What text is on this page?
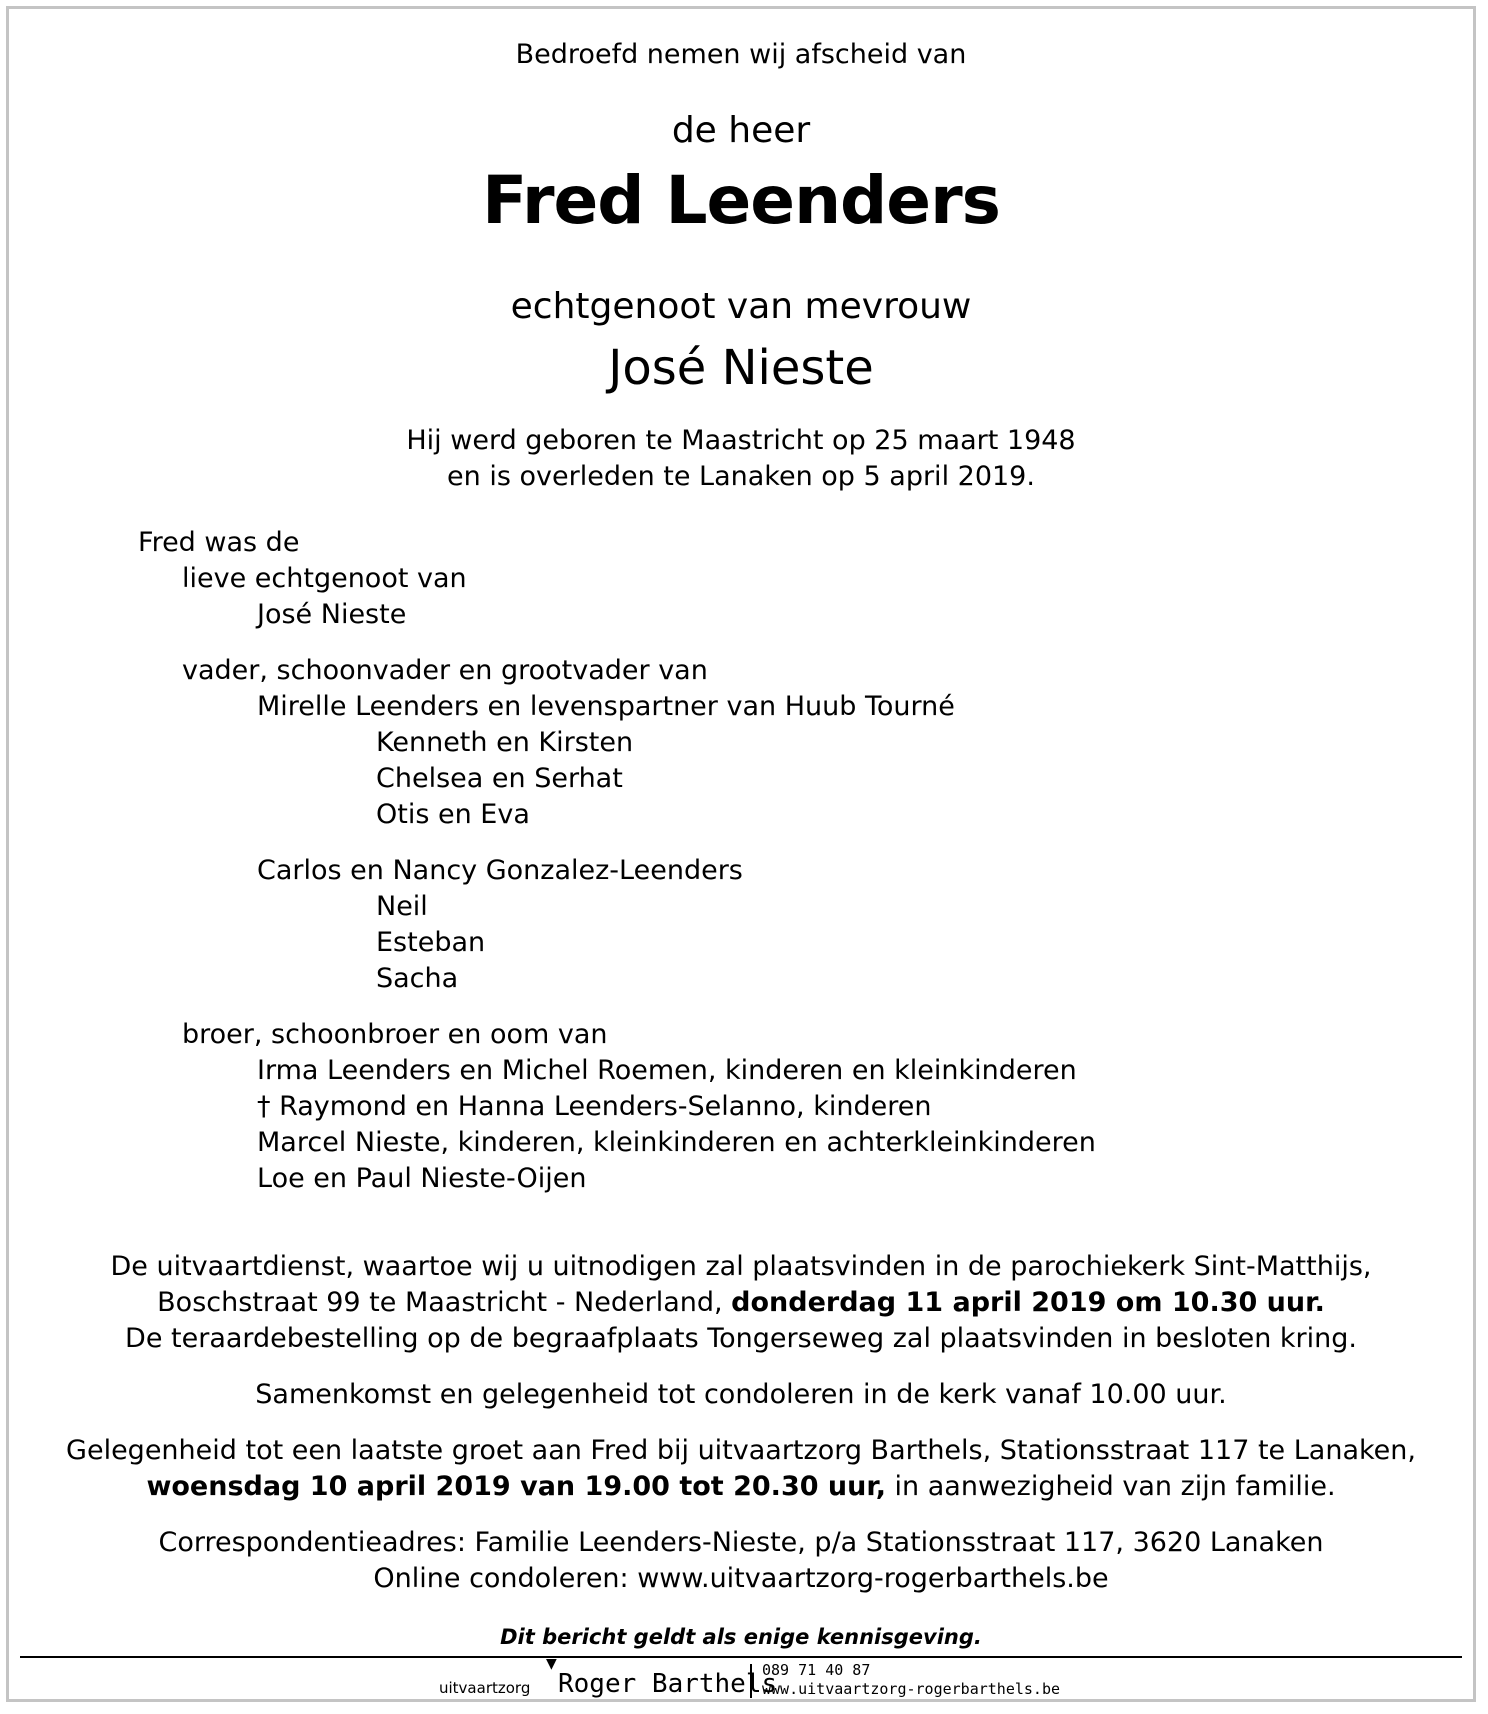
Bedroefd nemen wij afscheid van
de heer
Fred Leenders
echtgenoot van mevrouw
José Nieste
Hij werd geboren te Maastricht op 25 maart 1948
en is overleden te Lanaken op 5 april 2019.
Fred was de
lieve echtgenoot van
José Nieste
vader, schoonvader en grootvader van
Mirelle Leenders en levenspartner van Huub Tourné
Kenneth en Kirsten
Chelsea en Serhat
Otis en Eva
Carlos en Nancy Gonzalez-Leenders
Neil
Esteban
Sacha
broer, schoonbroer en oom van
Irma Leenders en Michel Roemen, kinderen en kleinkinderen
† Raymond en Hanna Leenders-Selanno, kinderen
Marcel Nieste, kinderen, kleinkinderen en achterkleinkinderen
Loe en Paul Nieste-Oijen
De uitvaartdienst, waartoe wij u uitnodigen zal plaatsvinden in de parochiekerk Sint-Matthijs,
Boschstraat 99 te Maastricht - Nederland, donderdag 11 april 2019 om 10.30 uur.
De teraardebestelling op de begraafplaats Tongerseweg zal plaatsvinden in besloten kring.
Samenkomst en gelegenheid tot condoleren in de kerk vanaf 10.00 uur.
Gelegenheid tot een laatste groet aan Fred bij uitvaartzorg Barthels, Stationsstraat 117 te Lanaken,
woensdag 10 april 2019 van 19.00 tot 20.30 uur, in aanwezigheid van zijn familie.
Correspondentieadres: Familie Leenders-Nieste, p/a Stationsstraat 117, 3620 Lanaken
Online condoleren: www.uitvaartzorg-rogerbarthels.be
Dit bericht geldt als enige kennisgeving.
uitvaartzorg
▼
Roger Barthels
089 71 40 87
www.uitvaartzorg-rogerbarthels.be
